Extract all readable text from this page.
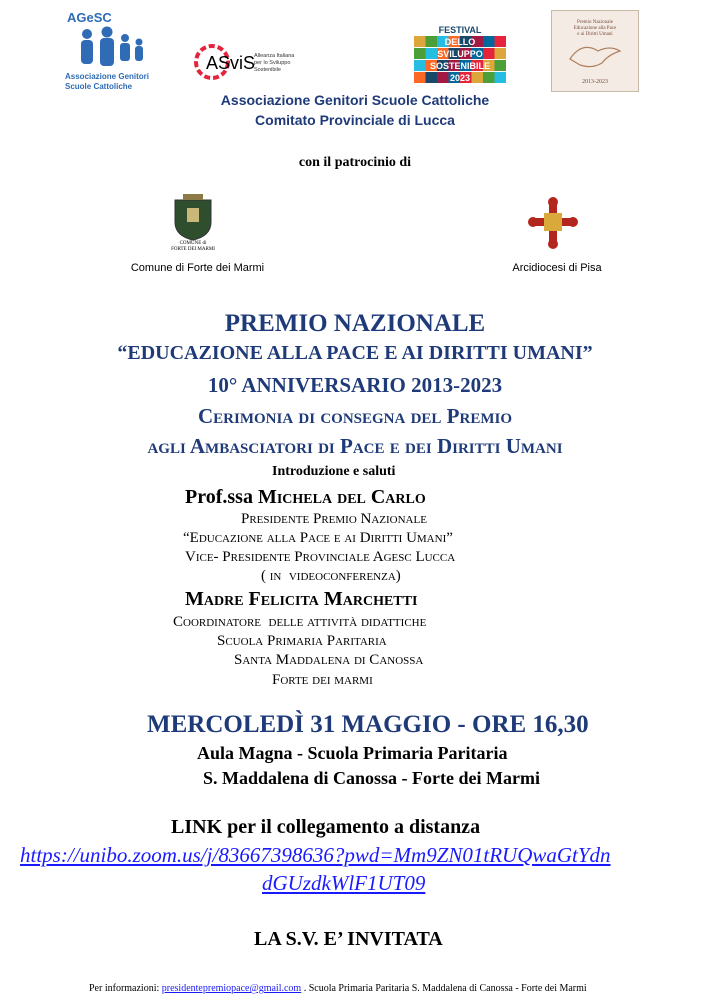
AGeSC
Associazione Genitori
Scuole Cattoliche
ASviS
Alleanza Italiana
per lo Sviluppo
Sostenibile
FESTIVAL
DELLO
SVILUPPO
SOSTENIBILE
2023
Premio Nazionale
Educazione alla Pace
e ai Diritti Umani
2013-2023
Associazione Genitori Scuole Cattoliche
Comitato Provinciale di Lucca
con il patrocinio di
COMUNE di
FORTE DEI MARMI
Comune di Forte dei Marmi	Arcidiocesi di Pisa
PREMIO NAZIONALE
“EDUCAZIONE ALLA PACE E AI DIRITTI UMANI”
10° ANNIVERSARIO 2013-2023
Cerimonia di consegna del Premio
agli Ambasciatori di Pace e dei Diritti Umani
Introduzione e saluti
Prof.ssa Michela del Carlo
Presidente Premio Nazionale
“Educazione alla Pace e ai Diritti Umani”
Vice- Presidente Provinciale Agesc Lucca
( in  videoconferenza)
Madre Felicita Marchetti
Coordinatore  delle attività didattiche
Scuola Primaria Paritaria
Santa Maddalena di Canossa
Forte dei marmi
MERCOLEDÌ 31 MAGGIO - ORE 16,30
Aula Magna - Scuola Primaria Paritaria
S. Maddalena di Canossa - Forte dei Marmi
LINK per il collegamento a distanza
https://unibo.zoom.us/j/83667398636?pwd=Mm9ZN01tRUQwaGtYdn
dGUzdkWlF1UT09
LA S.V. E’ INVITATA
Per informazioni: presidentepremiopace@gmail.com . Scuola Primaria Paritaria S. Maddalena di Canossa - Forte dei Marmi
